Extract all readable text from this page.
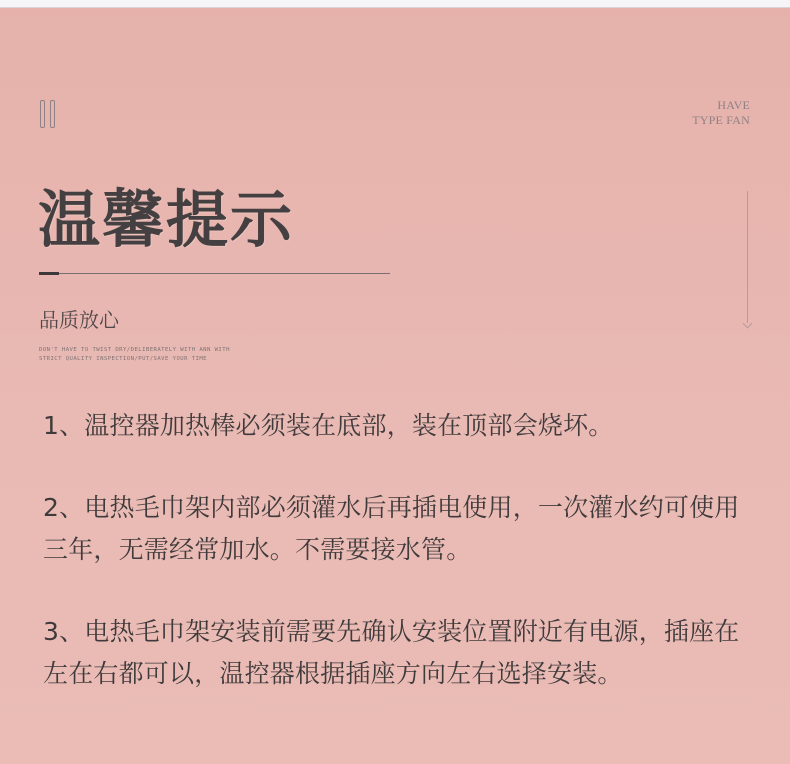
HAVE
TYPE FAN
温馨提示

品质放心

DON'T HAVE TO TWIST DRY/DELIBERATELY WITH ANN WITH
STRICT QUALITY INSPECTION/PUT/SAVE YOUR TIME

1、温控器加热棒必须装在底部，装在顶部会烧坏。

2、电热毛巾架内部必须灌水后再插电使用，一次灌水约可使用三年，无需经常加水。不需要接水管。

3、电热毛巾架安装前需要先确认安装位置附近有电源，插座在左在右都可以，温控器根据插座方向左右选择安装。
